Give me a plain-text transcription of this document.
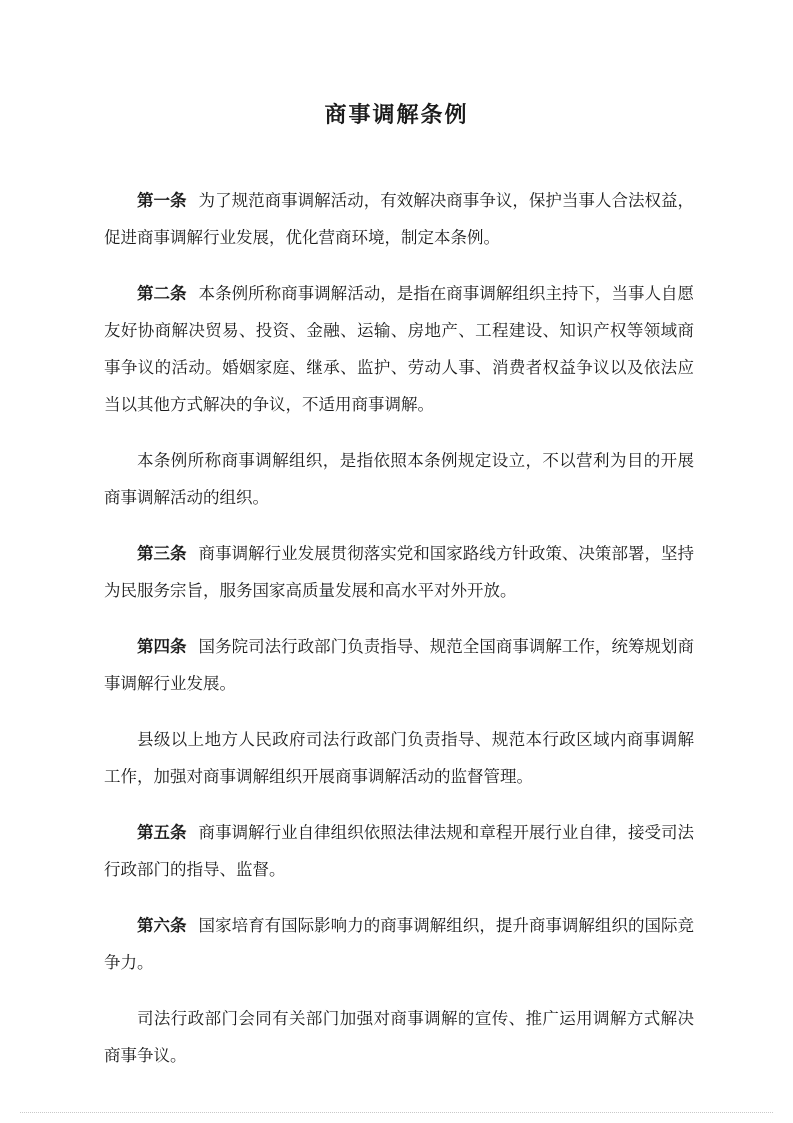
商事调解条例

第一条 为了规范商事调解活动，有效解决商事争议，保护当事人合法权益，促进商事调解行业发展，优化营商环境，制定本条例。

第二条 本条例所称商事调解活动，是指在商事调解组织主持下，当事人自愿友好协商解决贸易、投资、金融、运输、房地产、工程建设、知识产权等领域商事争议的活动。婚姻家庭、继承、监护、劳动人事、消费者权益争议以及依法应当以其他方式解决的争议，不适用商事调解。

本条例所称商事调解组织，是指依照本条例规定设立，不以营利为目的开展商事调解活动的组织。

第三条 商事调解行业发展贯彻落实党和国家路线方针政策、决策部署，坚持为民服务宗旨，服务国家高质量发展和高水平对外开放。

第四条 国务院司法行政部门负责指导、规范全国商事调解工作，统筹规划商事调解行业发展。

县级以上地方人民政府司法行政部门负责指导、规范本行政区域内商事调解工作，加强对商事调解组织开展商事调解活动的监督管理。

第五条 商事调解行业自律组织依照法律法规和章程开展行业自律，接受司法行政部门的指导、监督。

第六条 国家培育有国际影响力的商事调解组织，提升商事调解组织的国际竞争力。

司法行政部门会同有关部门加强对商事调解的宣传、推广运用调解方式解决商事争议。
